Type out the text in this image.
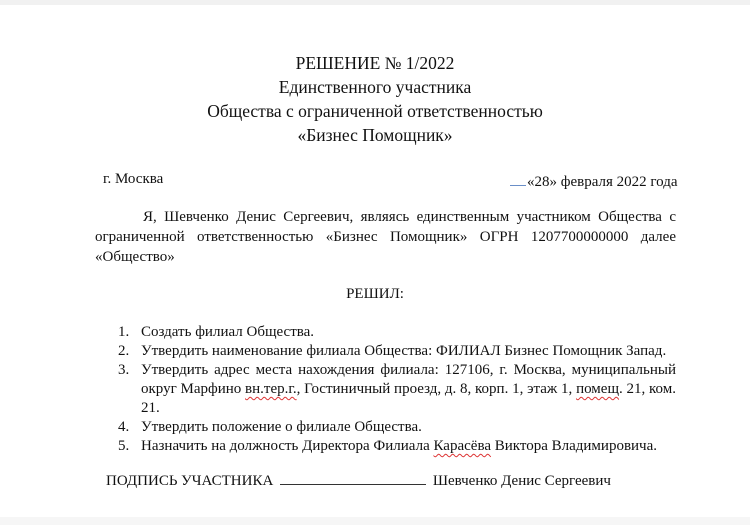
РЕШЕНИЕ № 1/2022
Единственного участника
Общества с ограниченной ответственностью
«Бизнес Помощник»
г. Москва	«28» февраля 2022 года
Я, Шевченко Денис Сергеевич, являясь единственным участником Общества с
ограниченной ответственностью «Бизнес Помощник» ОГРН 1207700000000 далее
«Общество»
РЕШИЛ:
1. Создать филиал Общества.
2. Утвердить наименование филиала Общества: ФИЛИАЛ Бизнес Помощник Запад.
3. Утвердить адрес места нахождения филиала: 127106, г. Москва, муниципальный округ Марфино вн.тер.г., Гостиничный проезд, д. 8, корп. 1, этаж 1, помещ. 21, ком. 21.
4. Утвердить положение о филиале Общества.
5. Назначить на должность Директора Филиала Карасёва Виктора Владимировича.
ПОДПИСЬ УЧАСТНИКА	Шевченко Денис Сергеевич
